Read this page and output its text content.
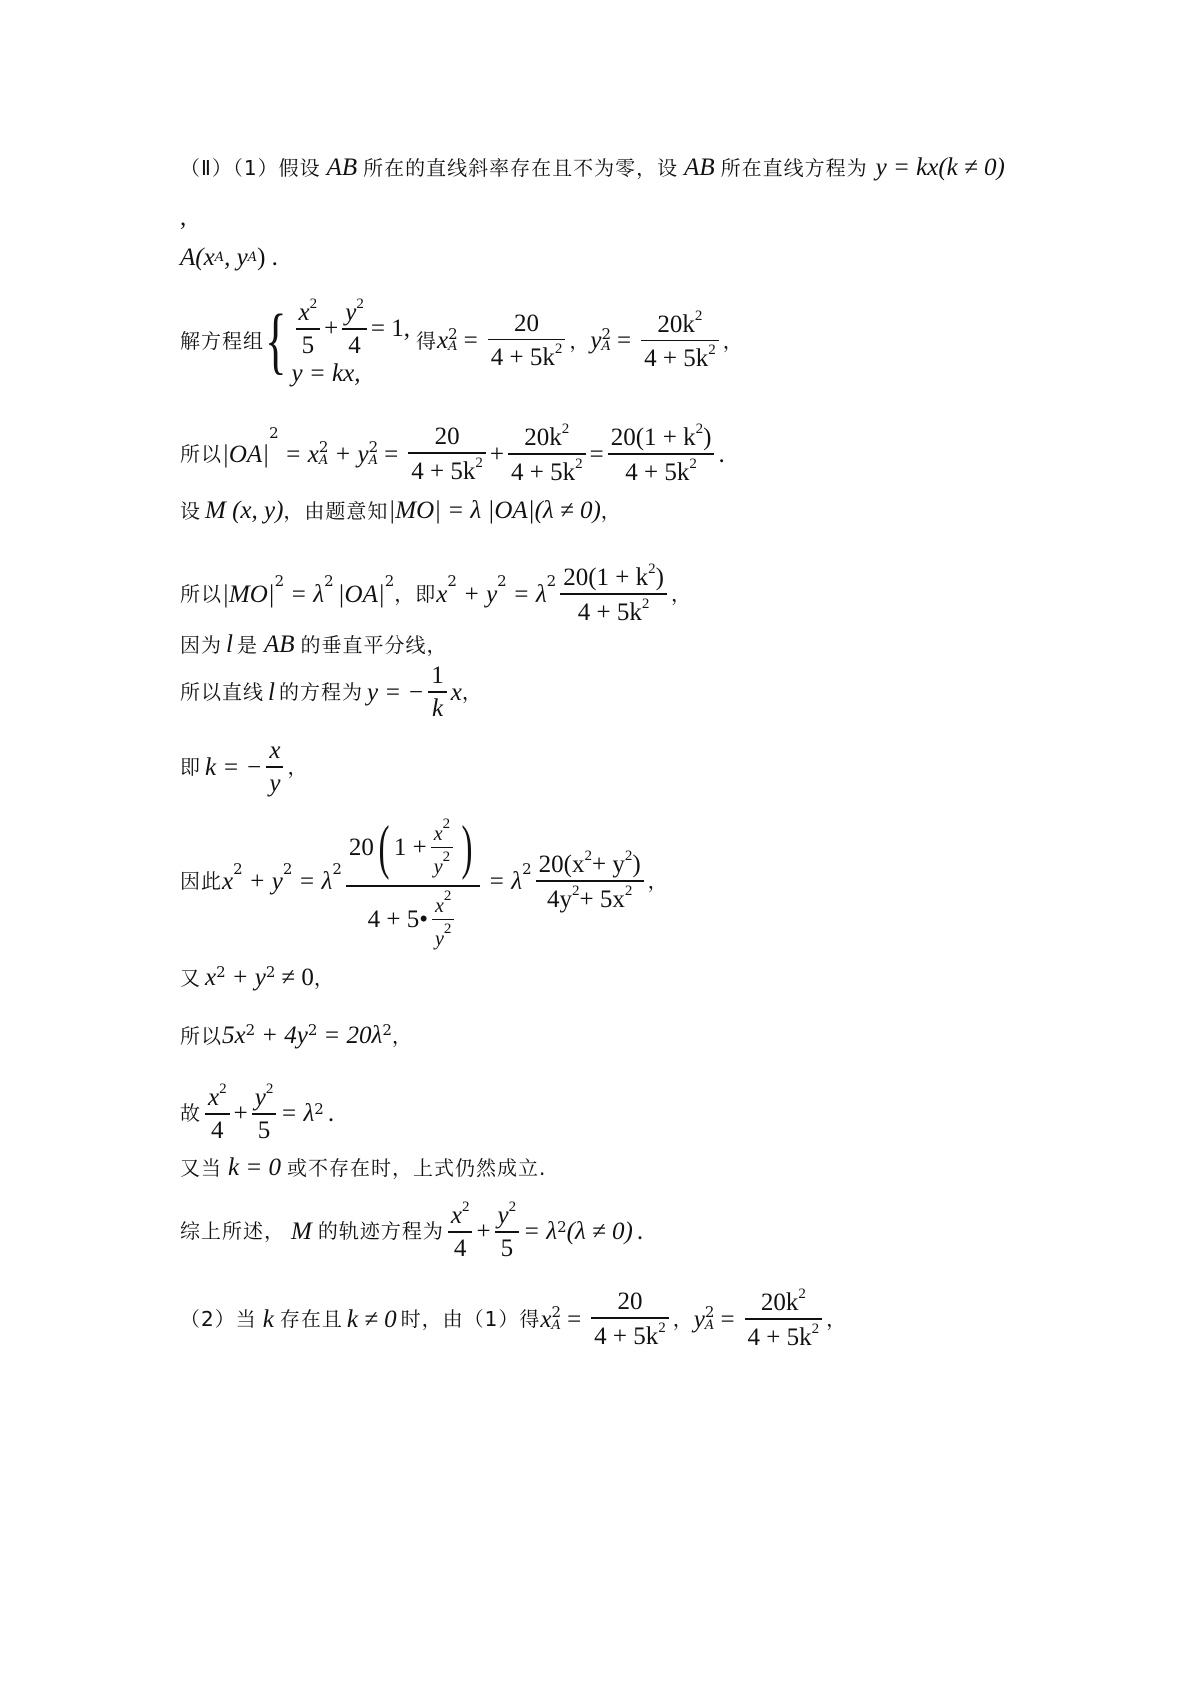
（Ⅱ）（1）假设 AB 所在的直线斜率存在且不为零，设 AB 所在直线方程为 y = kx(k ≠ 0)
,
A(x A , y A ) .
解方程组 { $\frac{x^2}{5} + \frac{y^2}{4} = 1$,
y = kx,
得 x 2
$A = \frac{20}{4 + 5k^2}$ ， y 2
$A = \frac{20k^2}{4 + 5k^2}$ ，
所以 |OA|
2
= x 2
A + y 2
$A = \frac{20}{4 + 5k^2} + \frac{20k^2}{4 + 5k^2} = \frac{20(1 + k^2)}{4 + 5k^2}$ .
设 M (x, y) ，由题意知 |MO| = λ |OA|(λ ≠ 0) ，
所以 |MO| 2 = λ 2 |OA| 2
，即 x 2 + y 2 = λ $2 \frac{20(1 + k^2)}{4 + 5k^2}$ ，
因为 l 是 AB 的垂直平分线，
所以直线 l 的方程为 y = − $\frac{1}{k}$ x ，
即 k = − $\frac{x}{y}$ ，
因此 x 2 + y 2 = λ $2 \frac{20 ( 1 + \frac{x^2}{y^2} )}{4 + 5• \frac{x^2}{y^2}} = \lambda$ $2 \frac{20(x^2+ y^2)}{4y^2+ 5x^2}$ ，
又 x 2 + y 2 ≠ 0 ，
所以 5x 2 + 4y 2 = 20λ 2 ，
故 $\frac{x^2}{4} + \frac{y^2}{5} = \lambda$ 2 .
又当 k = 0 或不存在时，上式仍然成立.
综上所述， M 的轨迹方程为 $\frac{x^2}{4} + \frac{y^2}{5} = \lambda$ 2 (λ ≠ 0) .
（2）当 k 存在且 k ≠ 0 时，由（1）得 x 2
$A = \frac{20}{4 + 5k^2}$ ， y 2
$A = \frac{20k^2}{4 + 5k^2}$ ，
